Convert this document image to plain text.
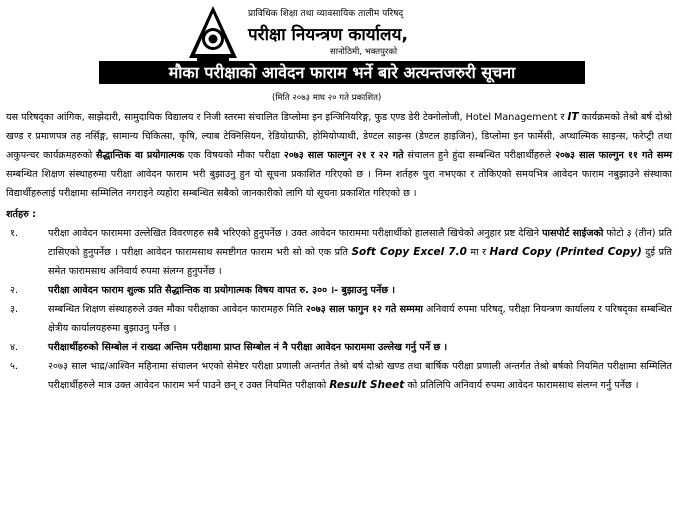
प्राविधिक शिक्षा तथा व्यावसायिक तालीम परिषद्
परीक्षा नियन्त्रण कार्यालय,
सानोठिमी, भक्तपुरको
मौका परीक्षाको आवेदन फाराम भर्ने बारे अत्यन्तजरुरी सूचना
(मिति २०७३ माघ २० गते प्रकाशित)

यस परिषद्का आंगिक, साझेदारी, सामुदायिक विद्यालय र निजी स्तरमा संचालित डिप्लोमा इन इन्जिनियरिङ्ग, फुड एण्ड डेरी टेक्नोलोजी, Hotel Management र IT कार्यक्रमको तेश्रो बर्ष दोश्रो खण्ड र प्रमाणपत्र तह नर्सिङ्ग, सामान्य चिकित्सा, कृषि, ल्याब टेक्निसियन, रेडियोग्राफी, होमियोप्याथी, डेण्टल साइन्स (डेण्टल हाइजिन), डिप्लोमा इन फार्मेसी, अप्थाल्मिक साइन्स, फरेप्ट्री तथा अकुपन्चर कार्यक्रमहरुको सैद्धान्तिक वा प्रयोगात्मक एक विषयको मौका परीक्षा २०७३ साल फाल्गुन २१ र २२ गते संचालन हुने हुंदा सम्बन्धित परीक्षार्थीहरुले २०७३ साल फाल्गुन ११ गते सम्म सम्बन्धित शिक्षण संस्थाहरुमा परीक्षा आवेदन फाराम भरी बुझाउनु हुन यो सूचना प्रकाशित गरिएको छ । निम्न शर्तहरु पुरा नभएका र तोकिएको समयभित्र आवेदन फाराम नबुझाउने संस्थाका विद्यार्थीहरुलाई परीक्षामा सम्मिलित नगराइने व्यहोरा सम्बन्धित सबैको जानकारीको लागि यो सूचना प्रकाशित गरिएको छ ।

शर्तहरु :
१.	परीक्षा आवेदन फाराममा उल्लेखित विवरणहरु सबै भरिएको हुनुपर्नेछ । उक्त आवेदन फाराममा परीक्षार्थीको हालसालै खिचेको अनुहार प्रष्ट देखिने पासपोर्ट साईजको फोटो ३ (तीन) प्रति टासिएको हुनुपर्नेछ । परीक्षा आवेदन फारामसाथ समष्टीगत फाराम भरी सो को एक प्रति Soft Copy Excel 7.0 मा र Hard Copy (Printed Copy) दुई प्रति समेत फारामसाथ अनिवार्य रुपमा संलग्न हुनुपर्नेछ ।
२.	परीक्षा आवेदन फाराम शुल्क प्रति सैद्धान्तिक वा प्रयोगात्मक विषय वापत रु. ३०० ।- बुझाउनु पर्नेछ ।
३.	सम्बन्धित शिक्षण संस्थाहरुले उक्त मौका परीक्षाका आवेदन फारामहरु मिति २०७३ साल फागुन १२ गते सम्ममा अनिवार्य रुपमा परिषद्, परीक्षा नियन्त्रण कार्यालय र परिषद्का सम्बन्धित क्षेत्रीय कार्यालयहरुमा बुझाउनु पर्नेछ ।
४.	परीक्षार्थीहरुको सिम्बोल नं राख्दा अन्तिम परीक्षामा प्राप्त सिम्बोल नं नै परीक्षा आवेदन फाराममा उल्लेख गर्नु पर्ने छ ।
५.	२०७३ साल भाद्र/आश्विन महिनामा संचालन भएको सेमेष्टर परीक्षा प्रणाली अन्तर्गत तेश्रो बर्ष दोश्रो खण्ड तथा बार्षिक परीक्षा प्रणाली अन्तर्गत तेश्रो बर्षको नियमित परीक्षामा सम्मिलित परीक्षार्थीहरुले मात्र उक्त आवेदन फाराम भर्न पाउने छन् र उक्त नियमित परीक्षाको Result Sheet को प्रतिलिपि अनिवार्य रुपमा आवेदन फारामसाथ संलग्न गर्नु पर्नेछ ।
